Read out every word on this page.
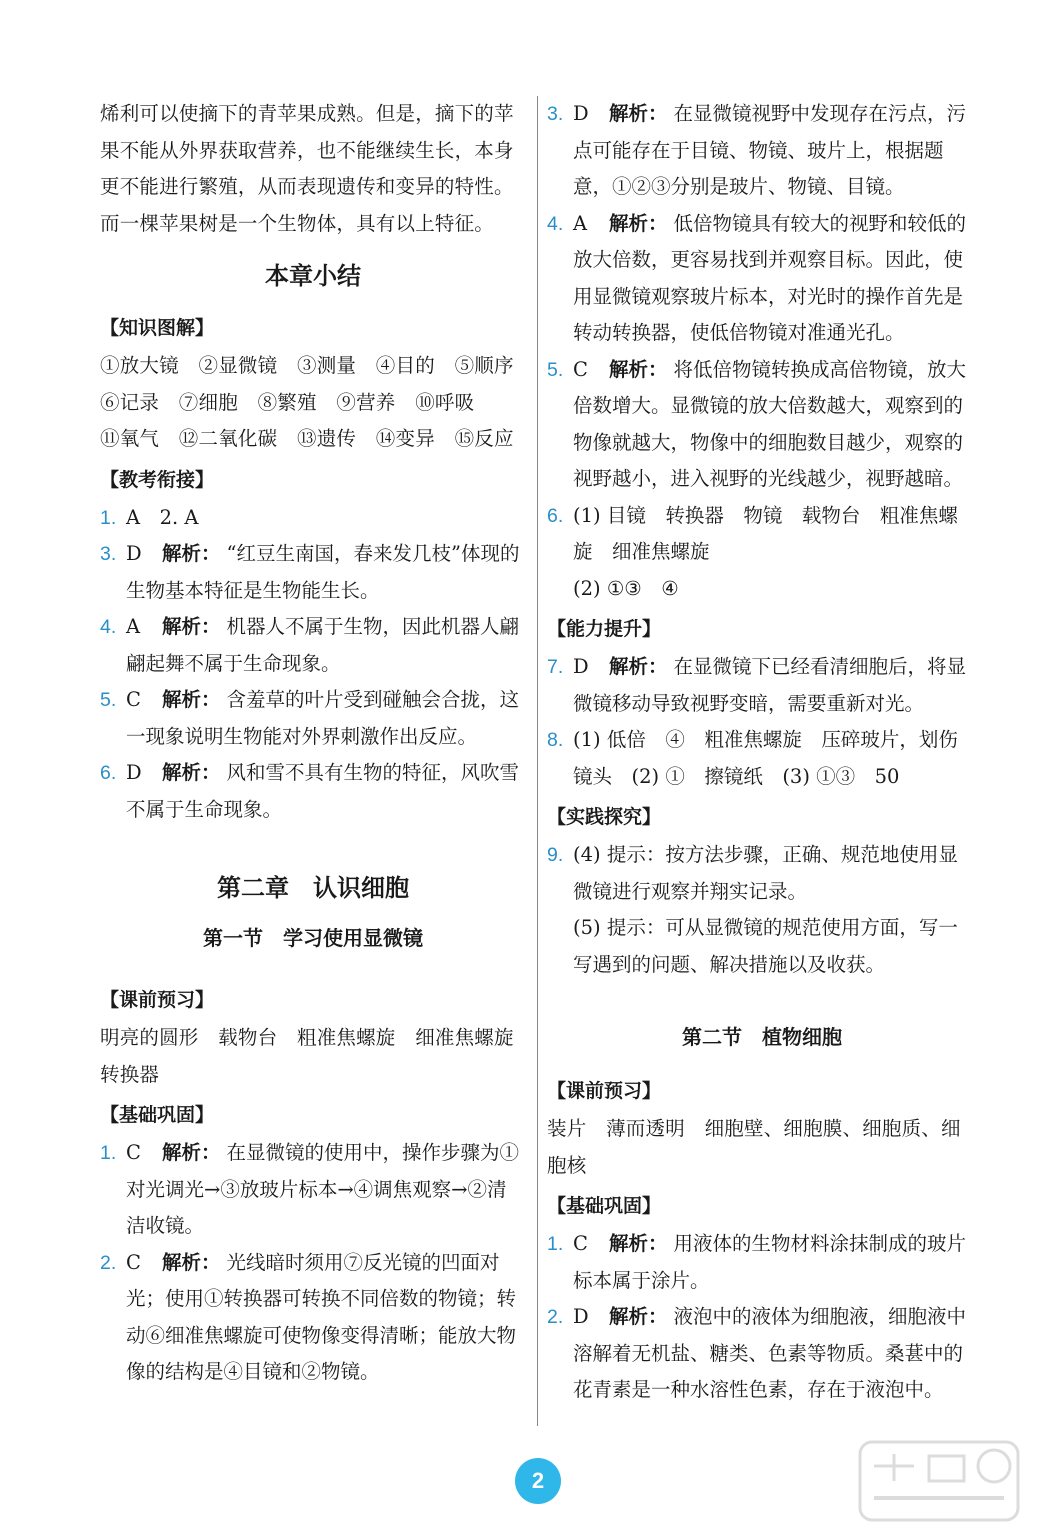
烯利可以使摘下的青苹果成熟。但是，摘下的苹果不能从外界获取营养，也不能继续生长，本身更不能进行繁殖，从而表现遗传和变异的特性。而一棵苹果树是一个生物体，具有以上特征。

本章小结
【知识图解】

①放大镜　②显微镜　③测量　④目的　⑤顺序

⑥记录　⑦细胞　⑧繁殖　⑨营养　⑩呼吸

⑪氧气　⑫二氧化碳　⑬遗传　⑭变异　⑮反应

【教考衔接】
1. A　2. A
3. D 解析： “红豆生南国，春来发几枝”体现的生物基本特征是生物能生长。
4. A 解析： 机器人不属于生物，因此机器人翩翩起舞不属于生命现象。
5. C 解析： 含羞草的叶片受到碰触会合拢，这一现象说明生物能对外界刺激作出反应。
6. D 解析： 风和雪不具有生物的特征，风吹雪不属于生命现象。
第二章　认识细胞
第一节　学习使用显微镜
【课前预习】

明亮的圆形　载物台　粗准焦螺旋　细准焦螺旋　转换器

【基础巩固】
1. C 解析： 在显微镜的使用中，操作步骤为①对光调光→③放玻片标本→④调焦观察→②清洁收镜。
2. C 解析： 光线暗时须用⑦反光镜的凹面对光；使用①转换器可转换不同倍数的物镜；转动⑥细准焦螺旋可使物像变得清晰；能放大物像的结构是④目镜和②物镜。
3. D 解析： 在显微镜视野中发现存在污点，污点可能存在于目镜、物镜、玻片上，根据题意，①②③分别是玻片、物镜、目镜。
4. A 解析： 低倍物镜具有较大的视野和较低的放大倍数，更容易找到并观察目标。因此，使用显微镜观察玻片标本，对光时的操作首先是转动转换器，使低倍物镜对准通光孔。
5. C 解析： 将低倍物镜转换成高倍物镜，放大倍数增大。显微镜的放大倍数越大，观察到的物像就越大，物像中的细胞数目越少，观察的视野越小，进入视野的光线越少，视野越暗。
6. (1) 目镜　转换器　物镜　载物台　粗准焦螺旋　细准焦螺旋
(2) ①③　④
【能力提升】
7. D 解析： 在显微镜下已经看清细胞后，将显微镜移动导致视野变暗，需要重新对光。
8. (1) 低倍　④　粗准焦螺旋　压碎玻片，划伤镜头　(2) ①　擦镜纸　(3) ①③　50
【实践探究】
9. (4) 提示：按方法步骤，正确、规范地使用显微镜进行观察并翔实记录。
(5) 提示：可从显微镜的规范使用方面，写一写遇到的问题、解决措施以及收获。
第二节　植物细胞
【课前预习】

装片　薄而透明　细胞壁、细胞膜、细胞质、细胞核

【基础巩固】
1. C 解析： 用液体的生物材料涂抹制成的玻片标本属于涂片。
2. D 解析： 液泡中的液体为细胞液，细胞液中溶解着无机盐、糖类、色素等物质。桑葚中的花青素是一种水溶性色素，存在于液泡中。
2
